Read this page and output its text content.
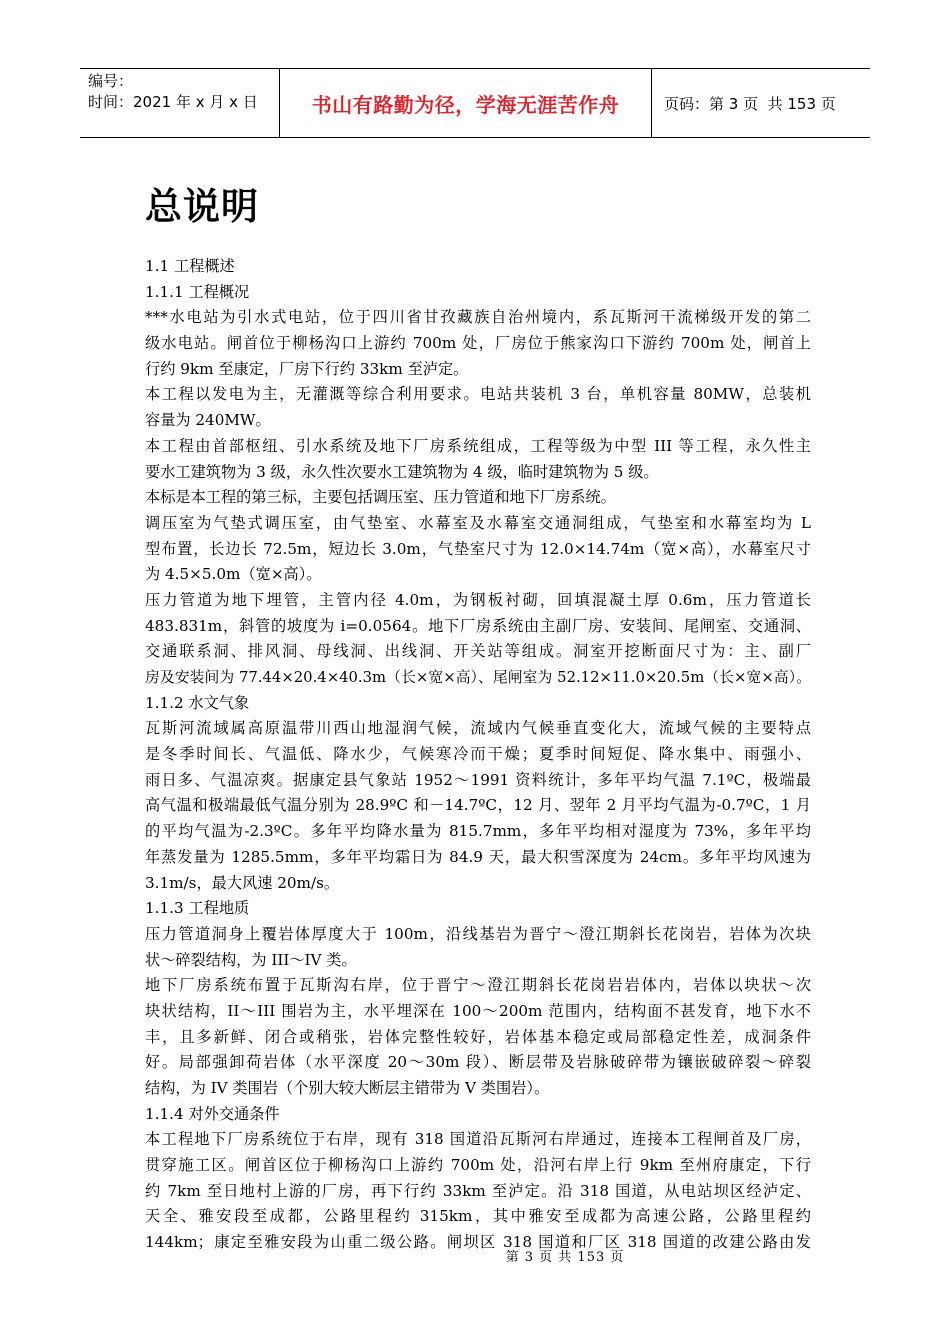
编号：
时间：2021 年 x 月 x 日	书山有路勤为径，学海无涯苦作舟	页码：第 3 页  共 153 页
总说明
1.1 工程概述
1.1.1 工程概况
***水电站为引水式电站，位于四川省甘孜藏族自治州境内，系瓦斯河干流梯级开发的第二
级水电站。闸首位于柳杨沟口上游约 700m 处，厂房位于熊家沟口下游约 700m 处，闸首上
行约 9km 至康定，厂房下行约 33km 至泸定。
本工程以发电为主，无灌溉等综合利用要求。电站共装机 3 台，单机容量 80MW，总装机
容量为 240MW。
本工程由首部枢纽、引水系统及地下厂房系统组成，工程等级为中型 III 等工程，永久性主
要水工建筑物为 3 级，永久性次要水工建筑物为 4 级，临时建筑物为 5 级。
本标是本工程的第三标，主要包括调压室、压力管道和地下厂房系统。
调压室为气垫式调压室，由气垫室、水幕室及水幕室交通洞组成，气垫室和水幕室均为 L
型布置，长边长 72.5m，短边长 3.0m，气垫室尺寸为 12.0×14.74m（宽×高），水幕室尺寸
为 4.5×5.0m（宽×高）。
压力管道为地下埋管，主管内径 4.0m，为钢板衬砌，回填混凝土厚 0.6m，压力管道长
483.831m，斜管的坡度为 i=0.0564。地下厂房系统由主副厂房、安装间、尾闸室、交通洞、
交通联系洞、排风洞、母线洞、出线洞、开关站等组成。洞室开挖断面尺寸为：主、副厂
房及安装间为 77.44×20.4×40.3m（长×宽×高）、尾闸室为 52.12×11.0×20.5m（长×宽×高）。
1.1.2 水文气象
瓦斯河流域属高原温带川西山地湿润气候，流域内气候垂直变化大，流域气候的主要特点
是冬季时间长、气温低、降水少，气候寒冷而干燥；夏季时间短促、降水集中、雨强小、
雨日多、气温凉爽。据康定县气象站 1952～1991 资料统计，多年平均气温 7.1ºC，极端最
高气温和极端最低气温分别为 28.9ºC 和－14.7ºC，12 月、翌年 2 月平均气温为-0.7ºC，1 月
的平均气温为-2.3ºC。多年平均降水量为 815.7mm，多年平均相对湿度为 73%，多年平均
年蒸发量为 1285.5mm，多年平均霜日为 84.9 天，最大积雪深度为 24cm。多年平均风速为
3.1m/s，最大风速 20m/s。
1.1.3 工程地质
压力管道洞身上覆岩体厚度大于 100m，沿线基岩为晋宁～澄江期斜长花岗岩，岩体为次块
状～碎裂结构，为 III～IV 类。
地下厂房系统布置于瓦斯沟右岸，位于晋宁～澄江期斜长花岗岩岩体内，岩体以块状～次
块状结构，II～III 围岩为主，水平埋深在 100～200m 范围内，结构面不甚发育，地下水不
丰，且多新鲜、闭合或稍张，岩体完整性较好，岩体基本稳定或局部稳定性差，成洞条件
好。局部强卸荷岩体（水平深度 20～30m 段）、断层带及岩脉破碎带为镶嵌破碎裂～碎裂
结构，为 IV 类围岩（个别大较大断层主错带为 V 类围岩）。
1.1.4 对外交通条件
本工程地下厂房系统位于右岸，现有 318 国道沿瓦斯河右岸通过，连接本工程闸首及厂房，
贯穿施工区。闸首区位于柳杨沟口上游约 700m 处，沿河右岸上行 9km 至州府康定，下行
约 7km 至日地村上游的厂房，再下行约 33km 至泸定。沿 318 国道，从电站坝区经泸定、
天全、雅安段至成都，公路里程约 315km，其中雅安至成都为高速公路，公路里程约
144km；康定至雅安段为山重二级公路。闸坝区 318 国道和厂区 318 国道的改建公路由发
第 3 页 共 153 页
